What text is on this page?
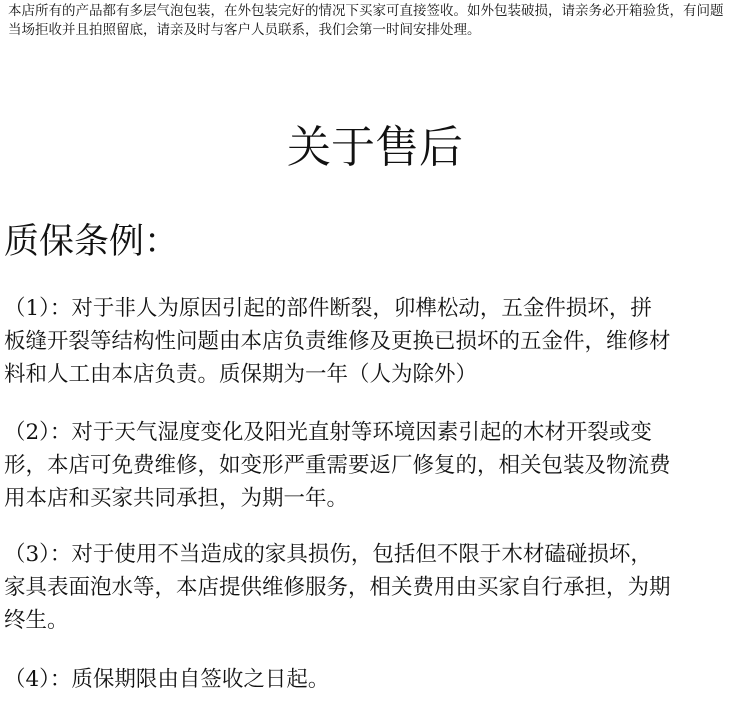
本店所有的产品都有多层气泡包装，在外包装完好的情况下买家可直接签收。如外包装破损，请亲务必开箱验货，有问题
当场拒收并且拍照留底，请亲及时与客户人员联系，我们会第一时间安排处理。
关于售后
质保条例：
（1）：对于非人为原因引起的部件断裂，卯榫松动，五金件损坏，拼
板缝开裂等结构性问题由本店负责维修及更换已损坏的五金件，维修材
料和人工由本店负责。质保期为一年（人为除外）
（2）：对于天气湿度变化及阳光直射等环境因素引起的木材开裂或变
形，本店可免费维修，如变形严重需要返厂修复的，相关包装及物流费
用本店和买家共同承担，为期一年。
（3）：对于使用不当造成的家具损伤，包括但不限于木材磕碰损坏，
家具表面泡水等，本店提供维修服务，相关费用由买家自行承担，为期
终生。
（4）：质保期限由自签收之日起。
